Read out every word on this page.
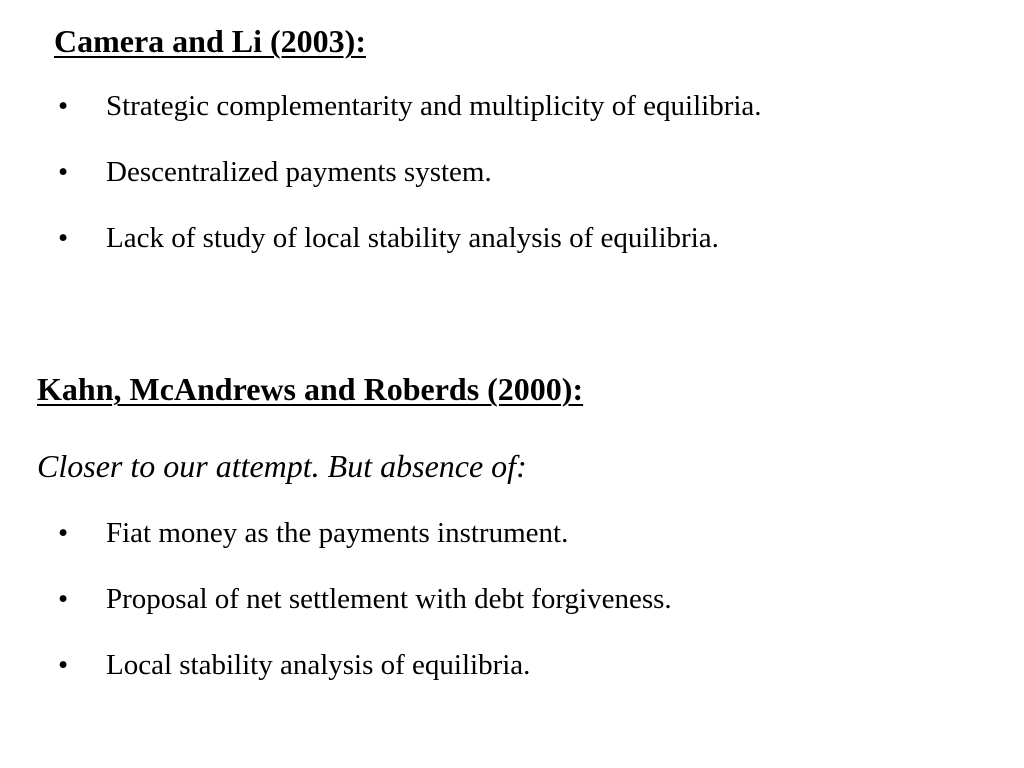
Camera and Li (2003):
• Strategic complementarity and multiplicity of equilibria.
• Descentralized payments system.
• Lack of study of local stability analysis of equilibria.
Kahn, McAndrews and Roberds (2000):

Closer to our attempt. But absence of:

• Fiat money as the payments instrument.
• Proposal of net settlement with debt forgiveness.
• Local stability analysis of equilibria.
